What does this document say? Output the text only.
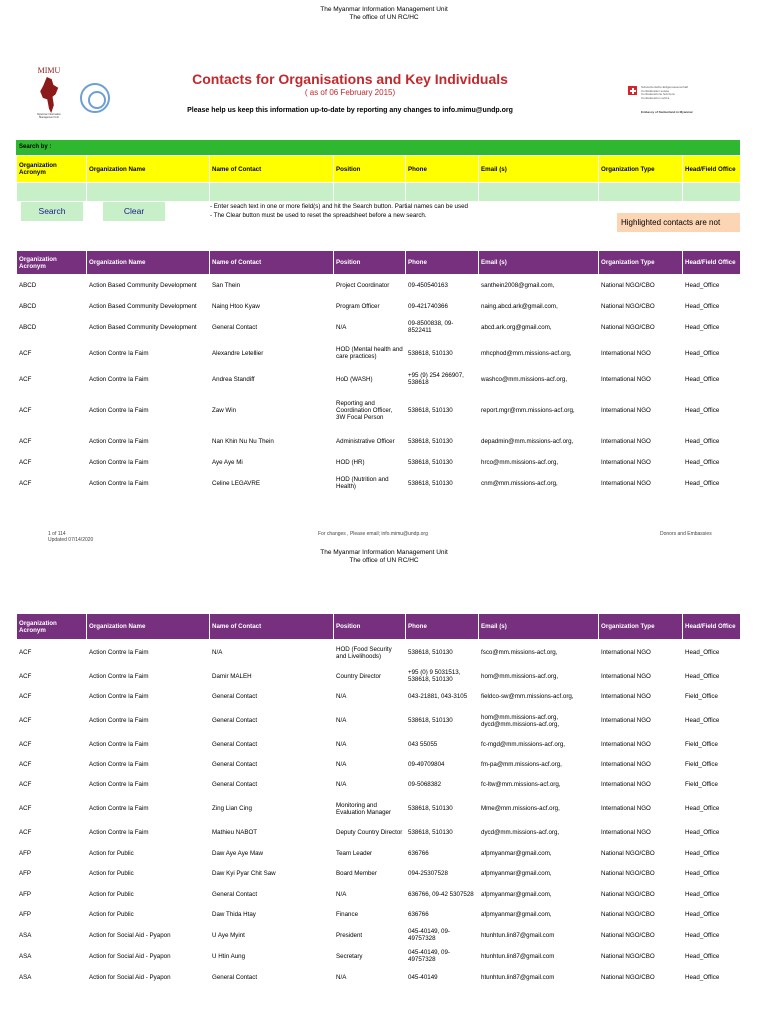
The Myanmar Information Management Unit
The office of UN RC/HC
MIMU
Myanmar Information Management Unit
Contacts for Organisations and Key Individuals
( as of 06 February 2015)
Please help us keep this information up-to-date by reporting any changes to info.mimu@undp.org
Schweizerische Eidgenossenschaft
Confédération suisse
Confederazione Svizzera
Confederaziun svizra
Embassy of Switzerland in Myanmar
Search by :
Organization Acronym	Organization Name	Name of Contact	Position	Phone	Email (s)	Organization Type	Head/Field Office

Search	Clear	- Enter seach text in one or more field(s) and hit the Search button. Partial names can be used
- The Clear button must be used to reset the spreadsheet before a new search.
Highlighted contacts are not
Organization Acronym	Organization Name	Name of Contact	Position	Phone	Email (s)	Organization Type	Head/Field Office
ABCD	Action Based Community Development	San Thein	Project Coordinator	09-450540163	santhein2008@gmail.com,	National NGO/CBO	Head_Office
ABCD	Action Based Community Development	Naing Htoo Kyaw	Program Officer	09-421740366	naing.abcd.ark@gmail.com,	National NGO/CBO	Head_Office
ABCD	Action Based Community Development	General Contact	N/A	09-8500838, 09-8522411	abcd.ark.org@gmail.com,	National NGO/CBO	Head_Office
ACF	Action Contre la Faim	Alexandre Letellier	HOD (Mental health and care practices)	538618, 510130	mhcphod@mm.missions-acf.org,	International NGO	Head_Office
ACF	Action Contre la Faim	Andrea Standiff	HoD (WASH)	+95 (9) 254 266907, 538618	washco@mm.missions-acf.org,	International NGO	Head_Office
ACF	Action Contre la Faim	Zaw Win	Reporting and Coordination Officer, 3W Focal Person	538618, 510130	report.mgr@mm.missions-acf.org,	International NGO	Head_Office
ACF	Action Contre la Faim	Nan Khin Nu Nu Thein	Administrative Officer	538618, 510130	depadmin@mm.missions-acf.org,	International NGO	Head_Office
ACF	Action Contre la Faim	Aye Aye Mi	HOD (HR)	538618, 510130	hrco@mm.missions-acf.org,	International NGO	Head_Office
ACF	Action Contre la Faim	Celine LEGAVRE	HOD (Nutrition and Health)	538618, 510130	cnm@mm.missions-acf.org,	International NGO	Head_Office
1 of 114
Updated 07/14/2020
For changes , Please email; info.mimu@undp.org	Donors and Embassies
The Myanmar Information Management Unit
The office of UN RC/HC
Organization Acronym	Organization Name	Name of Contact	Position	Phone	Email (s)	Organization Type	Head/Field Office
ACF	Action Contre la Faim	N/A	HOD (Food Security and Livelihoods)	538618, 510130	fsco@mm.missions-acf.org,	International NGO	Head_Office
ACF	Action Contre la Faim	Damir MALEH	Country Director	+95 (0) 9 5031513, 538618, 510130	hom@mm.missions-acf.org,	International NGO	Head_Office
ACF	Action Contre la Faim	General Contact	N/A	043-21881, 043-3105	fieldco-sw@mm.missions-acf.org,	International NGO	Field_Office
ACF	Action Contre la Faim	General Contact	N/A	538618, 510130	hom@mm.missions-acf.org, dycd@mm.missions-acf.org,	International NGO	Head_Office
ACF	Action Contre la Faim	General Contact	N/A	043 55055	fc-mgd@mm.missions-acf.org,	International NGO	Field_Office
ACF	Action Contre la Faim	General Contact	N/A	09-49709804	fm-pa@mm.missions-acf.org,	International NGO	Field_Office
ACF	Action Contre la Faim	General Contact	N/A	09-5068382	fc-ltw@mm.missions-acf.org,	International NGO	Field_Office
ACF	Action Contre la Faim	Zing Lian Cing	Monitoring and Evaluation Manager	538618, 510130	Mme@mm.missions-acf.org,	International NGO	Head_Office
ACF	Action Contre la Faim	Mathieu NABOT	Deputy Country Director	538618, 510130	dycd@mm.missions-acf.org,	International NGO	Head_Office
AFP	Action for Public	Daw Aye Aye Maw	Team Leader	636766	afpmyanmar@gmail.com,	National NGO/CBO	Head_Office
AFP	Action for Public	Daw Kyi Pyar Chit Saw	Board Member	094-25307528	afpmyanmar@gmail.com,	National NGO/CBO	Head_Office
AFP	Action for Public	General Contact	N/A	636766, 09-42 5307528	afpmyanmar@gmail.com,	National NGO/CBO	Head_Office
AFP	Action for Public	Daw Thida Htay	Finance	636766	afpmyanmar@gmail.com,	National NGO/CBO	Head_Office
ASA	Action for Social Aid - Pyapon	U Aye Myint	President	045-40149, 09-49757328	htunhtun.lin87@gmail.com	National NGO/CBO	Head_Office
ASA	Action for Social Aid - Pyapon	U Htin Aung	Secretary	045-40149, 09-49757328	htunhtun.lin87@gmail.com	National NGO/CBO	Head_Office
ASA	Action for Social Aid - Pyapon	General Contact	N/A	045-40149	htunhtun.lin87@gmail.com	National NGO/CBO	Head_Office
